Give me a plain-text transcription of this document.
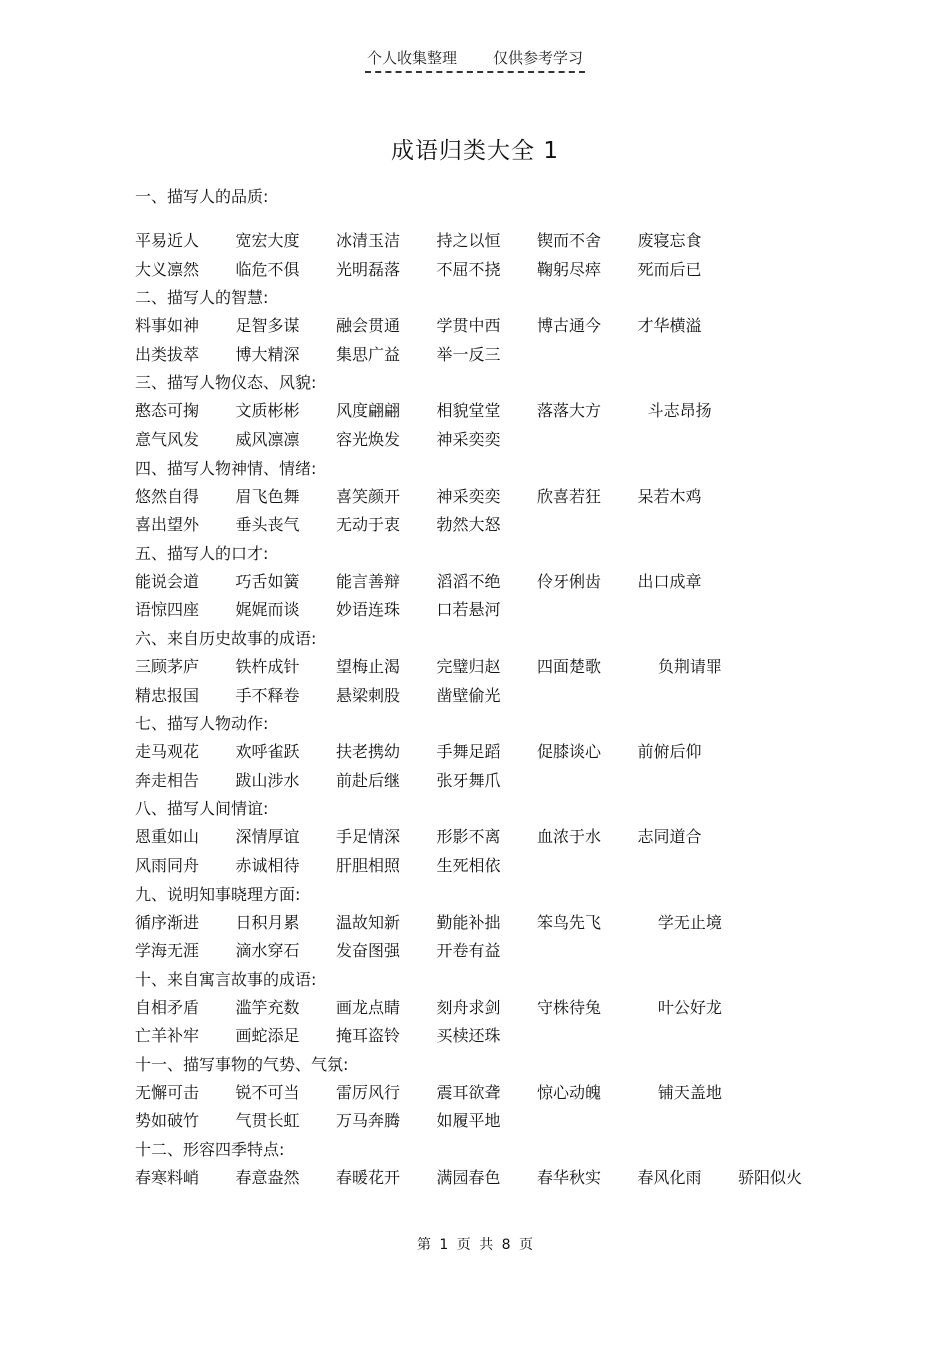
个人收集整理 仅供参考学习
成语归类大全 1
一、描写人的品质:
平易近人 宽宏大度 冰清玉洁 持之以恒 锲而不舍 废寝忘食
大义凛然 临危不俱 光明磊落 不屈不挠 鞠躬尽瘁 死而后已
二、描写人的智慧:
料事如神 足智多谋 融会贯通 学贯中西 博古通今 才华横溢
出类拔萃 博大精深 集思广益 举一反三
三、描写人物仪态、风貌:
憨态可掬 文质彬彬 风度翩翩 相貌堂堂 落落大方  斗志昂扬
意气风发 威风凛凛 容光焕发 神采奕奕
四、描写人物神情、情绪:
悠然自得 眉飞色舞 喜笑颜开 神采奕奕 欣喜若狂 呆若木鸡
喜出望外 垂头丧气 无动于衷 勃然大怒
五、描写人的口才:
能说会道 巧舌如簧 能言善辩 滔滔不绝 伶牙俐齿 出口成章
语惊四座 娓娓而谈 妙语连珠 口若悬河
六、来自历史故事的成语:
三顾茅庐 铁杵成针 望梅止渴 完璧归赵 四面楚歌    负荆请罪
精忠报国 手不释卷 悬梁刺股 凿壁偷光
七、描写人物动作:
走马观花 欢呼雀跃 扶老携幼 手舞足蹈 促膝谈心 前俯后仰
奔走相告 跋山涉水 前赴后继 张牙舞爪
八、描写人间情谊:
恩重如山 深情厚谊 手足情深 形影不离 血浓于水 志同道合
风雨同舟 赤诚相待 肝胆相照 生死相依
九、说明知事晓理方面:
循序渐进 日积月累 温故知新 勤能补拙 笨鸟先飞    学无止境
学海无涯 滴水穿石 发奋图强 开卷有益
十、来自寓言故事的成语:
自相矛盾 滥竽充数 画龙点睛 刻舟求剑 守株待兔    叶公好龙
亡羊补牢 画蛇添足 掩耳盗铃 买椟还珠
十一、描写事物的气势、气氛:
无懈可击 锐不可当 雷厉风行 震耳欲聋 惊心动魄    铺天盖地
势如破竹 气贯长虹 万马奔腾 如履平地
十二、形容四季特点:
春寒料峭 春意盎然 春暖花开 满园春色 春华秋实 春风化雨 骄阳似火
第 1 页 共 8 页
